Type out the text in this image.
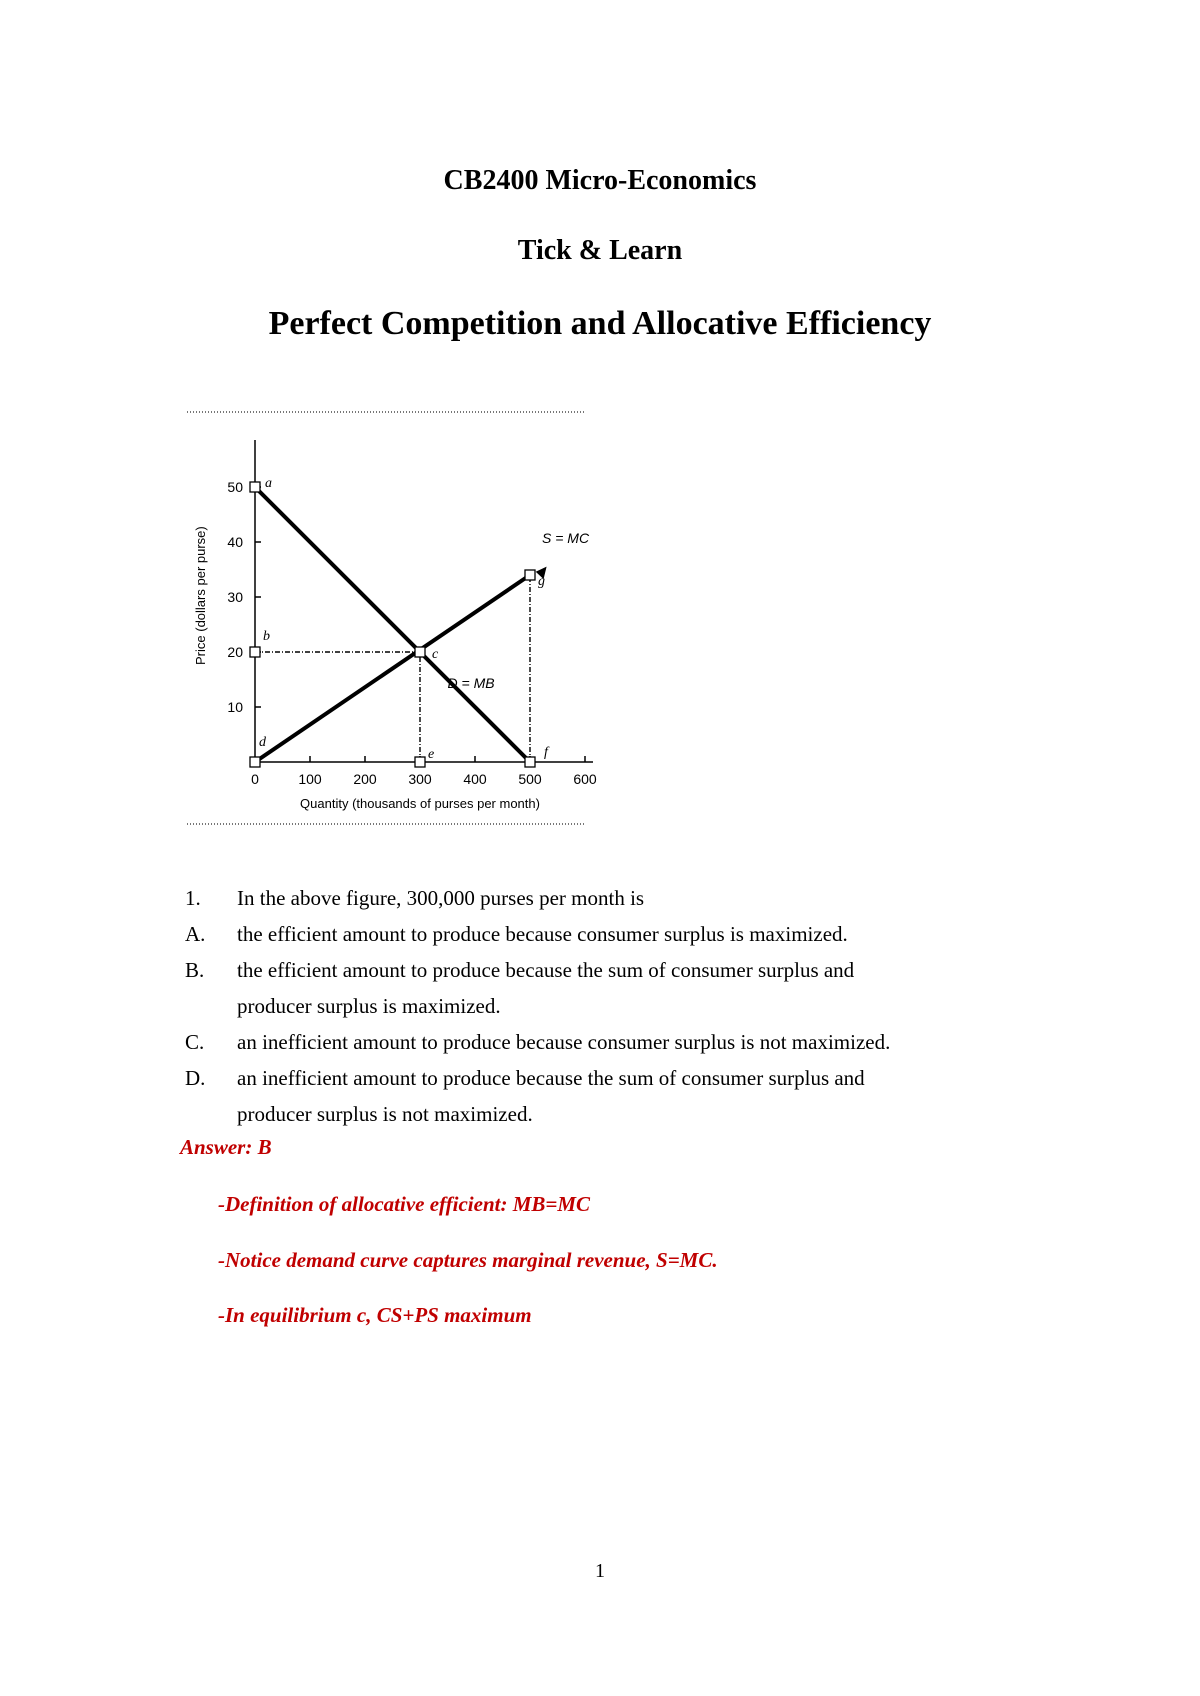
CB2400 Micro-Economics
Tick & Learn
Perfect Competition and Allocative Efficiency
0	100 200 300 400 500 600
10
20
30
40
50
Quantity (thousands of purses per month)
Price (dollars per purse)	S = MC
D = MB
a
b
c
d
e	f
g
1. In the above figure, 300,000 purses per month is
A. the efficient amount to produce because consumer surplus is maximized.
B. the efficient amount to produce because the sum of consumer surplus and
producer surplus is maximized.
C. an inefficient amount to produce because consumer surplus is not maximized.
D. an inefficient amount to produce because the sum of consumer surplus and
producer surplus is not maximized.
Answer: B
-Definition of allocative efficient: MB=MC
-Notice demand curve captures marginal revenue, S=MC.
-In equilibrium c, CS+PS maximum
1
